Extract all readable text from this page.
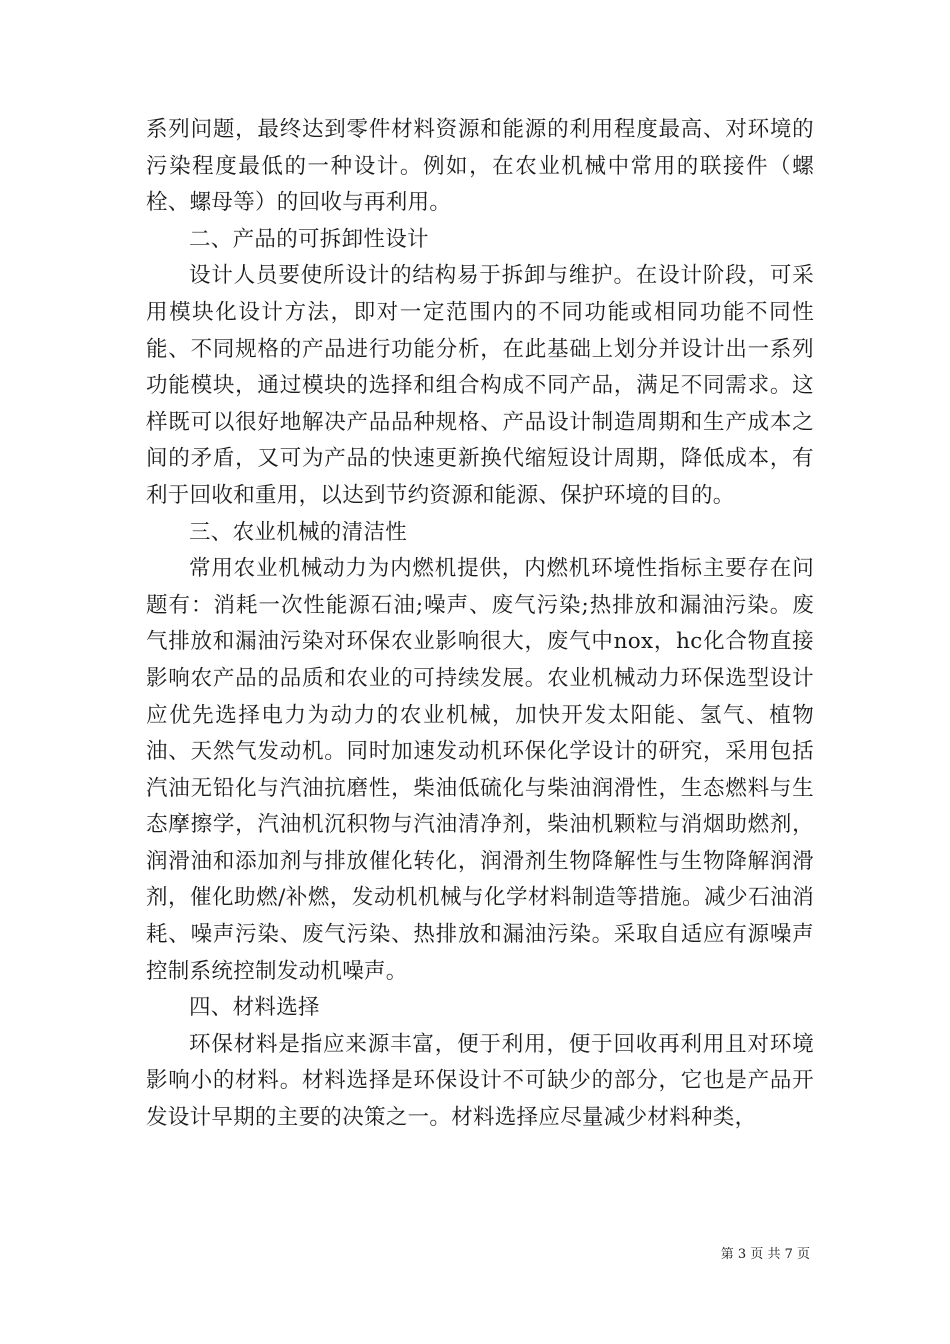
系列问题，最终达到零件材料资源和能源的利用程度最高、对环境的污染程度最低的一种设计。例如，在农业机械中常用的联接件（螺栓、螺母等）的回收与再利用。

二、产品的可拆卸性设计

设计人员要使所设计的结构易于拆卸与维护。在设计阶段，可采用模块化设计方法，即对一定范围内的不同功能或相同功能不同性能、不同规格的产品进行功能分析，在此基础上划分并设计出一系列功能模块，通过模块的选择和组合构成不同产品，满足不同需求。这样既可以很好地解决产品品种规格、产品设计制造周期和生产成本之间的矛盾，又可为产品的快速更新换代缩短设计周期，降低成本，有利于回收和重用，以达到节约资源和能源、保护环境的目的。

三、农业机械的清洁性

常用农业机械动力为内燃机提供，内燃机环境性指标主要存在问题有：消耗一次性能源石油;噪声、废气污染;热排放和漏油污染。废气排放和漏油污染对环保农业影响很大，废气中nox，hc化合物直接影响农产品的品质和农业的可持续发展。农业机械动力环保选型设计应优先选择电力为动力的农业机械，加快开发太阳能、氢气、植物油、天然气发动机。同时加速发动机环保化学设计的研究，采用包括汽油无铅化与汽油抗磨性，柴油低硫化与柴油润滑性，生态燃料与生态摩擦学，汽油机沉积物与汽油清净剂，柴油机颗粒与消烟助燃剂，润滑油和添加剂与排放催化转化，润滑剂生物降解性与生物降解润滑剂，催化助燃/补燃，发动机机械与化学材料制造等措施。减少石油消耗、噪声污染、废气污染、热排放和漏油污染。采取自适应有源噪声控制系统控制发动机噪声。

四、材料选择

环保材料是指应来源丰富，便于利用，便于回收再利用且对环境影响小的材料。材料选择是环保设计不可缺少的部分，它也是产品开发设计早期的主要的决策之一。材料选择应尽量减少材料种类，

第 3 页 共 7 页
